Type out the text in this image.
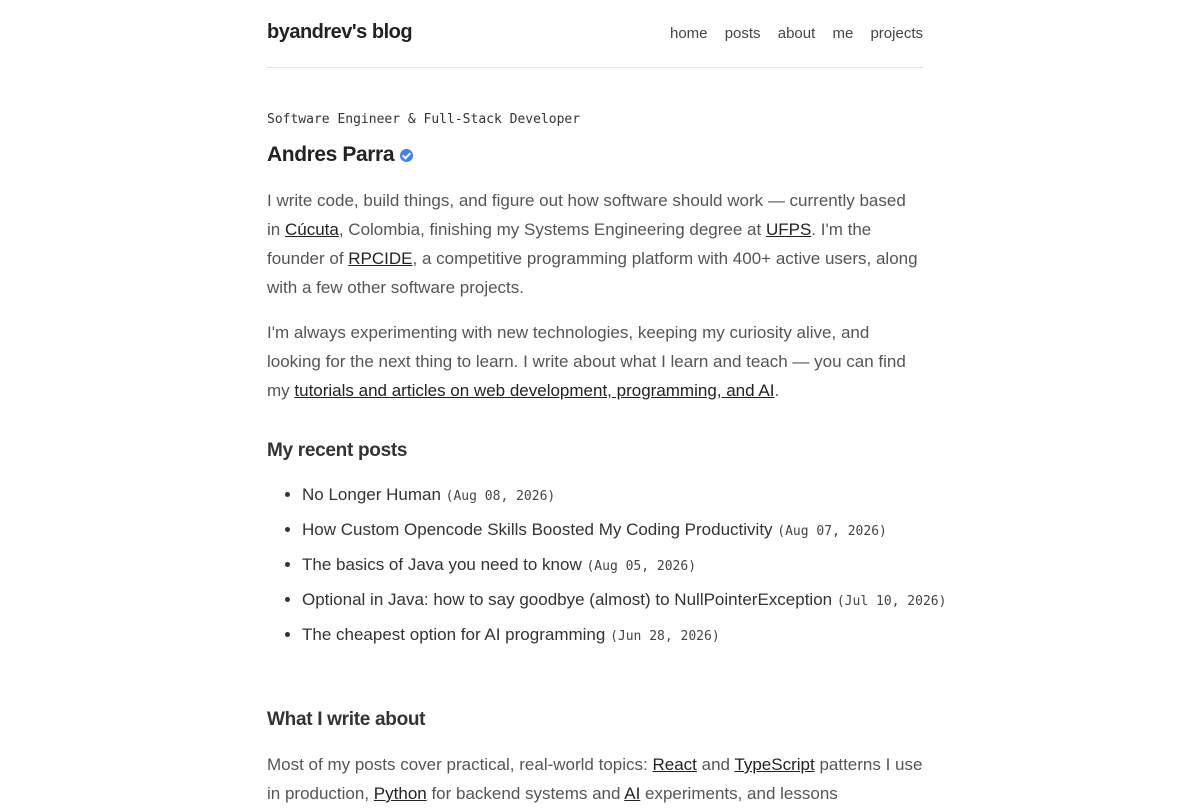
byandrev's blog	home posts about me projects
Software Engineer & Full-Stack Developer
Andres Parra

I write code, build things, and figure out how software should work — currently based in Cúcuta, Colombia, finishing my Systems Engineering degree at UFPS. I'm the founder of RPCIDE, a competitive programming platform with 400+ active users, along with a few other software projects.

I'm always experimenting with new technologies, keeping my curiosity alive, and looking for the next thing to learn. I write about what I learn and teach — you can find my tutorials and articles on web development, programming, and AI.

My recent posts
• No Longer Human (Aug 08, 2026)
• How Custom Opencode Skills Boosted My Coding Productivity (Aug 07, 2026)
• The basics of Java you need to know (Aug 05, 2026)
• Optional in Java: how to say goodbye (almost) to NullPointerException (Jul 10, 2026)
• The cheapest option for AI programming (Jun 28, 2026)
What I write about

Most of my posts cover practical, real-world topics: React and TypeScript patterns I use in production, Python for backend systems and AI experiments, and lessons
